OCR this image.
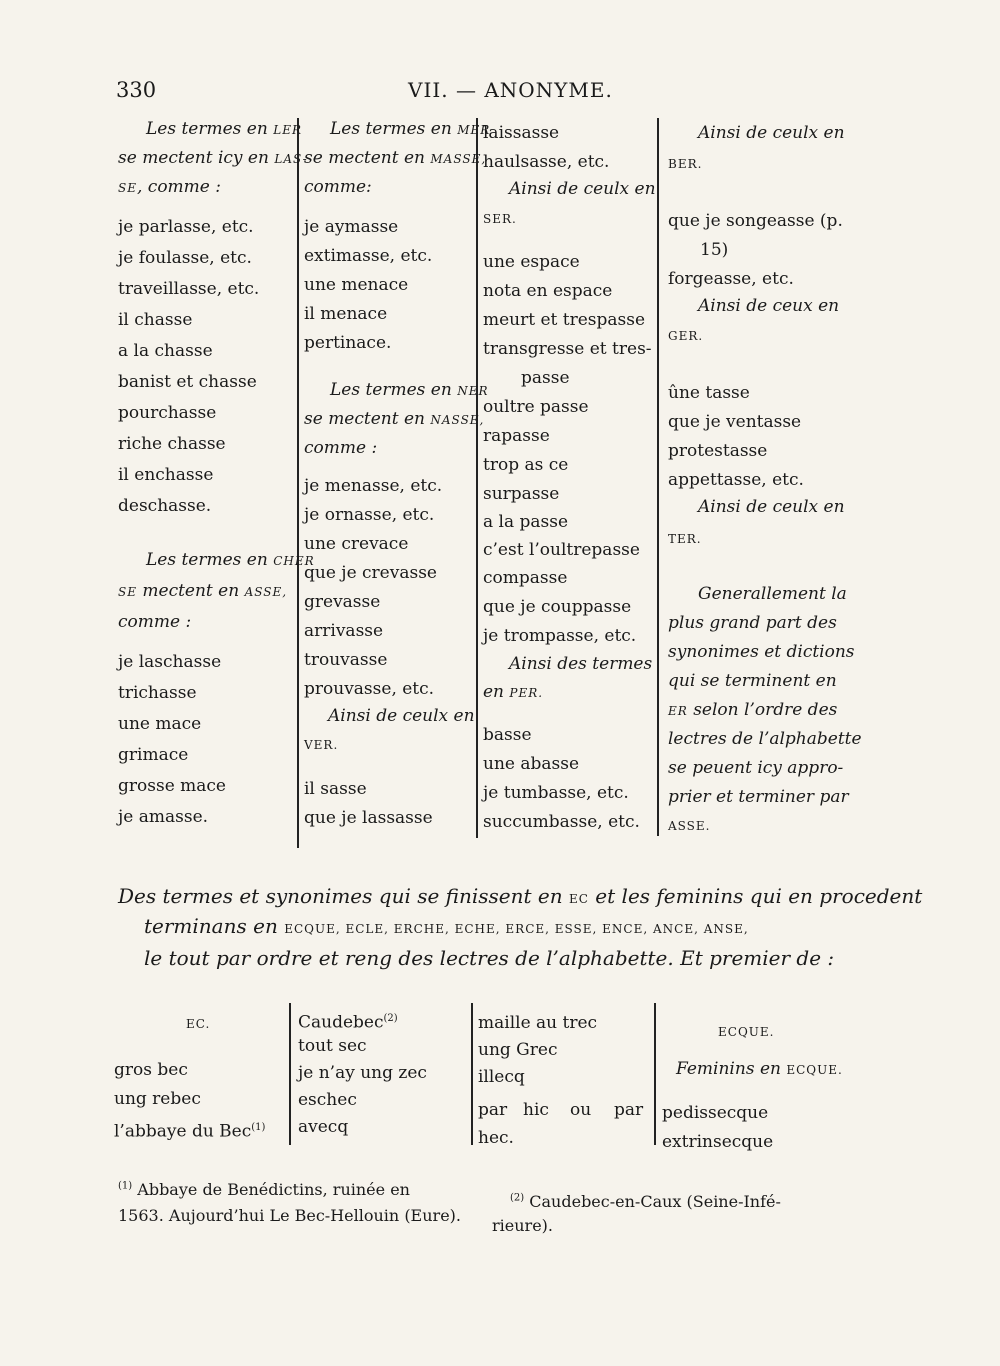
330	VII. — ANONYME.
Les termes en LER
se mectent icy en LAS-
SE, comme :
je parlasse, etc.
je foulasse, etc.
traveillasse, etc.
il chasse
a la chasse
banist et chasse
pourchasse
riche chasse
il enchasse
deschasse.
Les termes en CHER
SE mectent en ASSE,
comme :
je laschasse
trichasse
une mace
grimace
grosse mace
je amasse.
Les termes en MER
se mectent en MASSE,
comme:
je aymasse
extimasse, etc.
une menace
il menace
pertinace.
Les termes en NER
se mectent en NASSE,
comme :
je menasse, etc.
je ornasse, etc.
une crevace
que je crevasse
grevasse
arrivasse
trouvasse
prouvasse, etc.
Ainsi de ceulx en
VER.
il sasse
que je lassasse
laissasse
haulsasse, etc.
Ainsi de ceulx en
SER.
une espace
nota en espace
meurt et trespasse
transgresse et tres-
passe
oultre passe
rapasse
trop as ce
surpasse
a la passe
c’est l’oultrepasse
compasse
que je couppasse
je trompasse, etc.
Ainsi des termes
en PER.
basse
une abasse
je tumbasse, etc.
succumbasse, etc.
Ainsi de ceulx en
BER.
que je songeasse (p.
15)
forgeasse, etc.
Ainsi de ceux en
GER.
ûne tasse
que je ventasse
protestasse
appettasse, etc.
Ainsi de ceulx en
TER.
Generallement la
plus grand part des
synonimes et dictions
qui se terminent en
ER selon l’ordre des
lectres de l’alphabette
se peuent icy appro-
prier et terminer par
ASSE.
Des termes et synonimes qui se finissent en EC et les feminins qui en procedent
terminans en ECQUE, ECLE, ERCHE, ECHE, ERCE, ESSE, ENCE, ANCE, ANSE,
le tout par ordre et reng des lectres de l’alphabette. Et premier de :
EC.
gros bec
ung rebec
l’abbaye du Bec$^{(1)}$
Caudebec$^{(2)}$
tout sec
je n’ay ung zec
eschec
avecq
maille au trec
ung Grec
illecq
par hic ou par
hec.
ECQUE.
Feminins en ECQUE.
pedissecque
extrinsecque
$^{(1)}$ Abbaye de Benédictins, ruinée en
1563. Aujourd’hui Le Bec-Hellouin (Eure).
$^{(2)}$ Caudebec-en-Caux (Seine-Infé-
rieure).
